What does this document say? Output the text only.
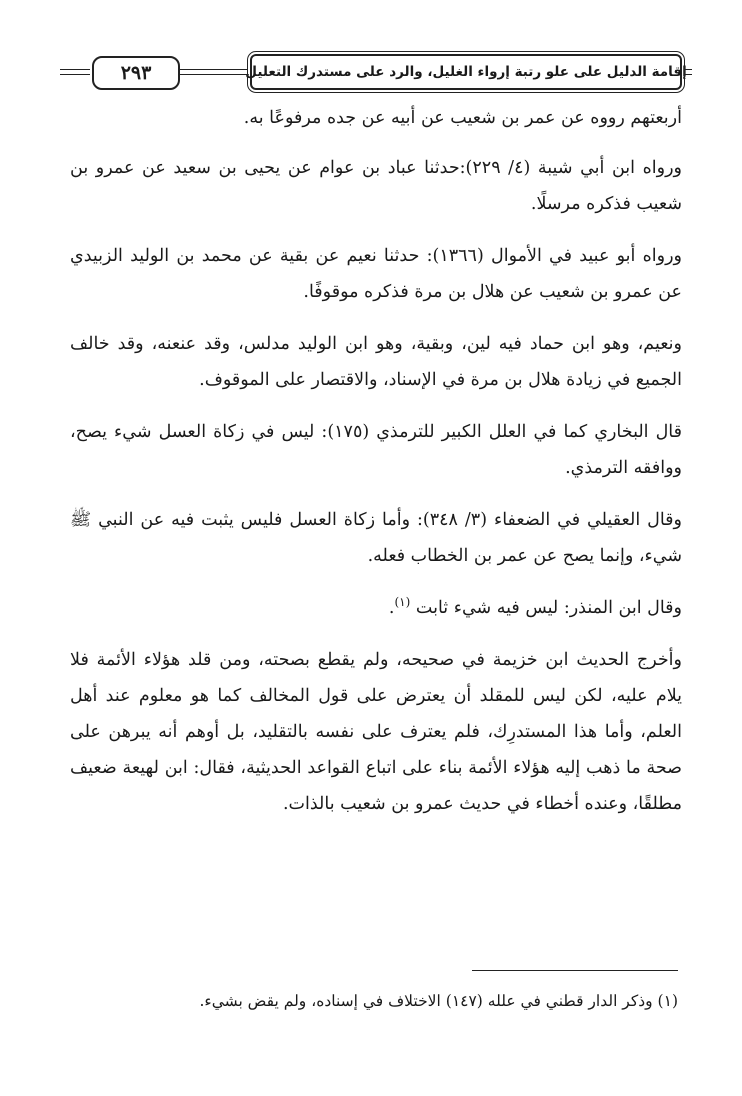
٢٩٣	إقامة الدليل على علو رتبة إرواء الغليل، والرد على مستدرك التعليل

أربعتهم رووه عن عمر بن شعيب عن أبيه عن جده مرفوعًا به.

ورواه ابن أبي شيبة (٤/ ٢٢٩):حدثنا عباد بن عوام عن يحيى بن سعيد عن عمرو بن شعيب فذكره مرسلًا.

ورواه أبو عبيد في الأموال (١٣٦٦): حدثنا نعيم عن بقية عن محمد بن الوليد الزبيدي عن عمرو بن شعيب عن هلال بن مرة فذكره موقوفًا.

ونعيم، وهو ابن حماد فيه لين، وبقية، وهو ابن الوليد مدلس، وقد عنعنه، وقد خالف الجميع في زيادة هلال بن مرة في الإسناد، والاقتصار على الموقوف.

قال البخاري كما في العلل الكبير للترمذي (١٧٥): ليس في زكاة العسل شيء يصح، ووافقه الترمذي.

وقال العقيلي في الضعفاء (٣/ ٣٤٨): وأما زكاة العسل فليس يثبت فيه عن النبي ﷺ شيء، وإنما يصح عن عمر بن الخطاب فعله.

وقال ابن المنذر: ليس فيه شيء ثابت $^{(١)}$.

وأخرج الحديث ابن خزيمة في صحيحه، ولم يقطع بصحته، ومن قلد هؤلاء الأئمة فلا يلام عليه، لكن ليس للمقلد أن يعترض على قول المخالف كما هو معلوم عند أهل العلم، وأما هذا المستدرِك، فلم يعترف على نفسه بالتقليد، بل أوهم أنه يبرهن على صحة ما ذهب إليه هؤلاء الأئمة بناء على اتباع القواعد الحديثية، فقال: ابن لهيعة ضعيف مطلقًا، وعنده أخطاء في حديث عمرو بن شعيب بالذات.

(١) وذكر الدار قطني في علله (١٤٧) الاختلاف في إسناده، ولم يقض بشيء.
